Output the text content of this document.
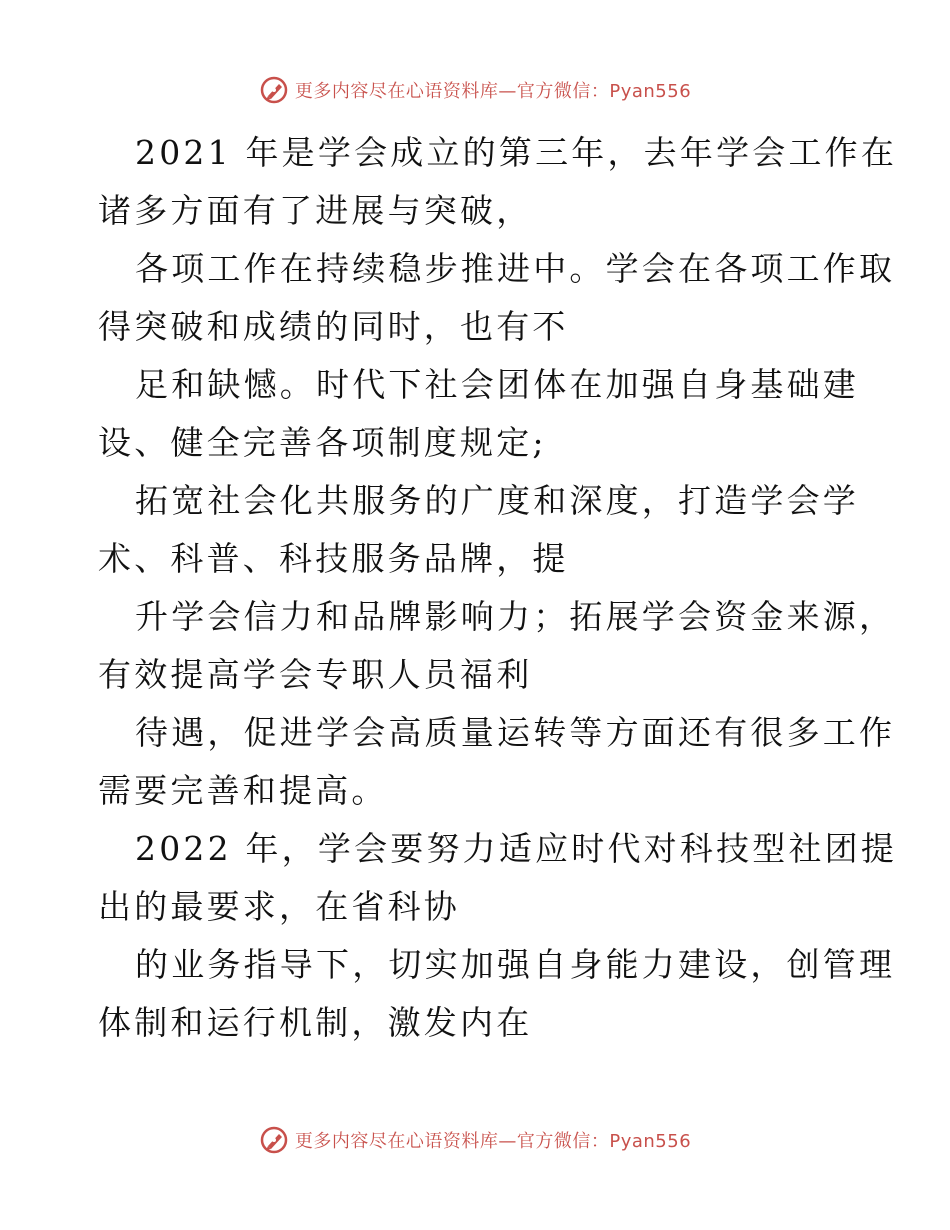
更多内容尽在心语资料库—官方微信：Pyan556
2021 年是学会成立的第三年，去年学会工作在
诸多方面有了进展与突破，
各项工作在持续稳步推进中。学会在各项工作取
得突破和成绩的同时，也有不
足和缺憾。时代下社会团体在加强自身基础建
设、健全完善各项制度规定;
拓宽社会化共服务的广度和深度，打造学会学
术、科普、科技服务品牌，提
升学会信力和品牌影响力；拓展学会资金来源，
有效提高学会专职人员福利
待遇，促进学会高质量运转等方面还有很多工作
需要完善和提高。
2022 年，学会要努力适应时代对科技型社团提
出的最要求，在省科协
的业务指导下，切实加强自身能力建设，创管理
体制和运行机制，激发内在
更多内容尽在心语资料库—官方微信：Pyan556
